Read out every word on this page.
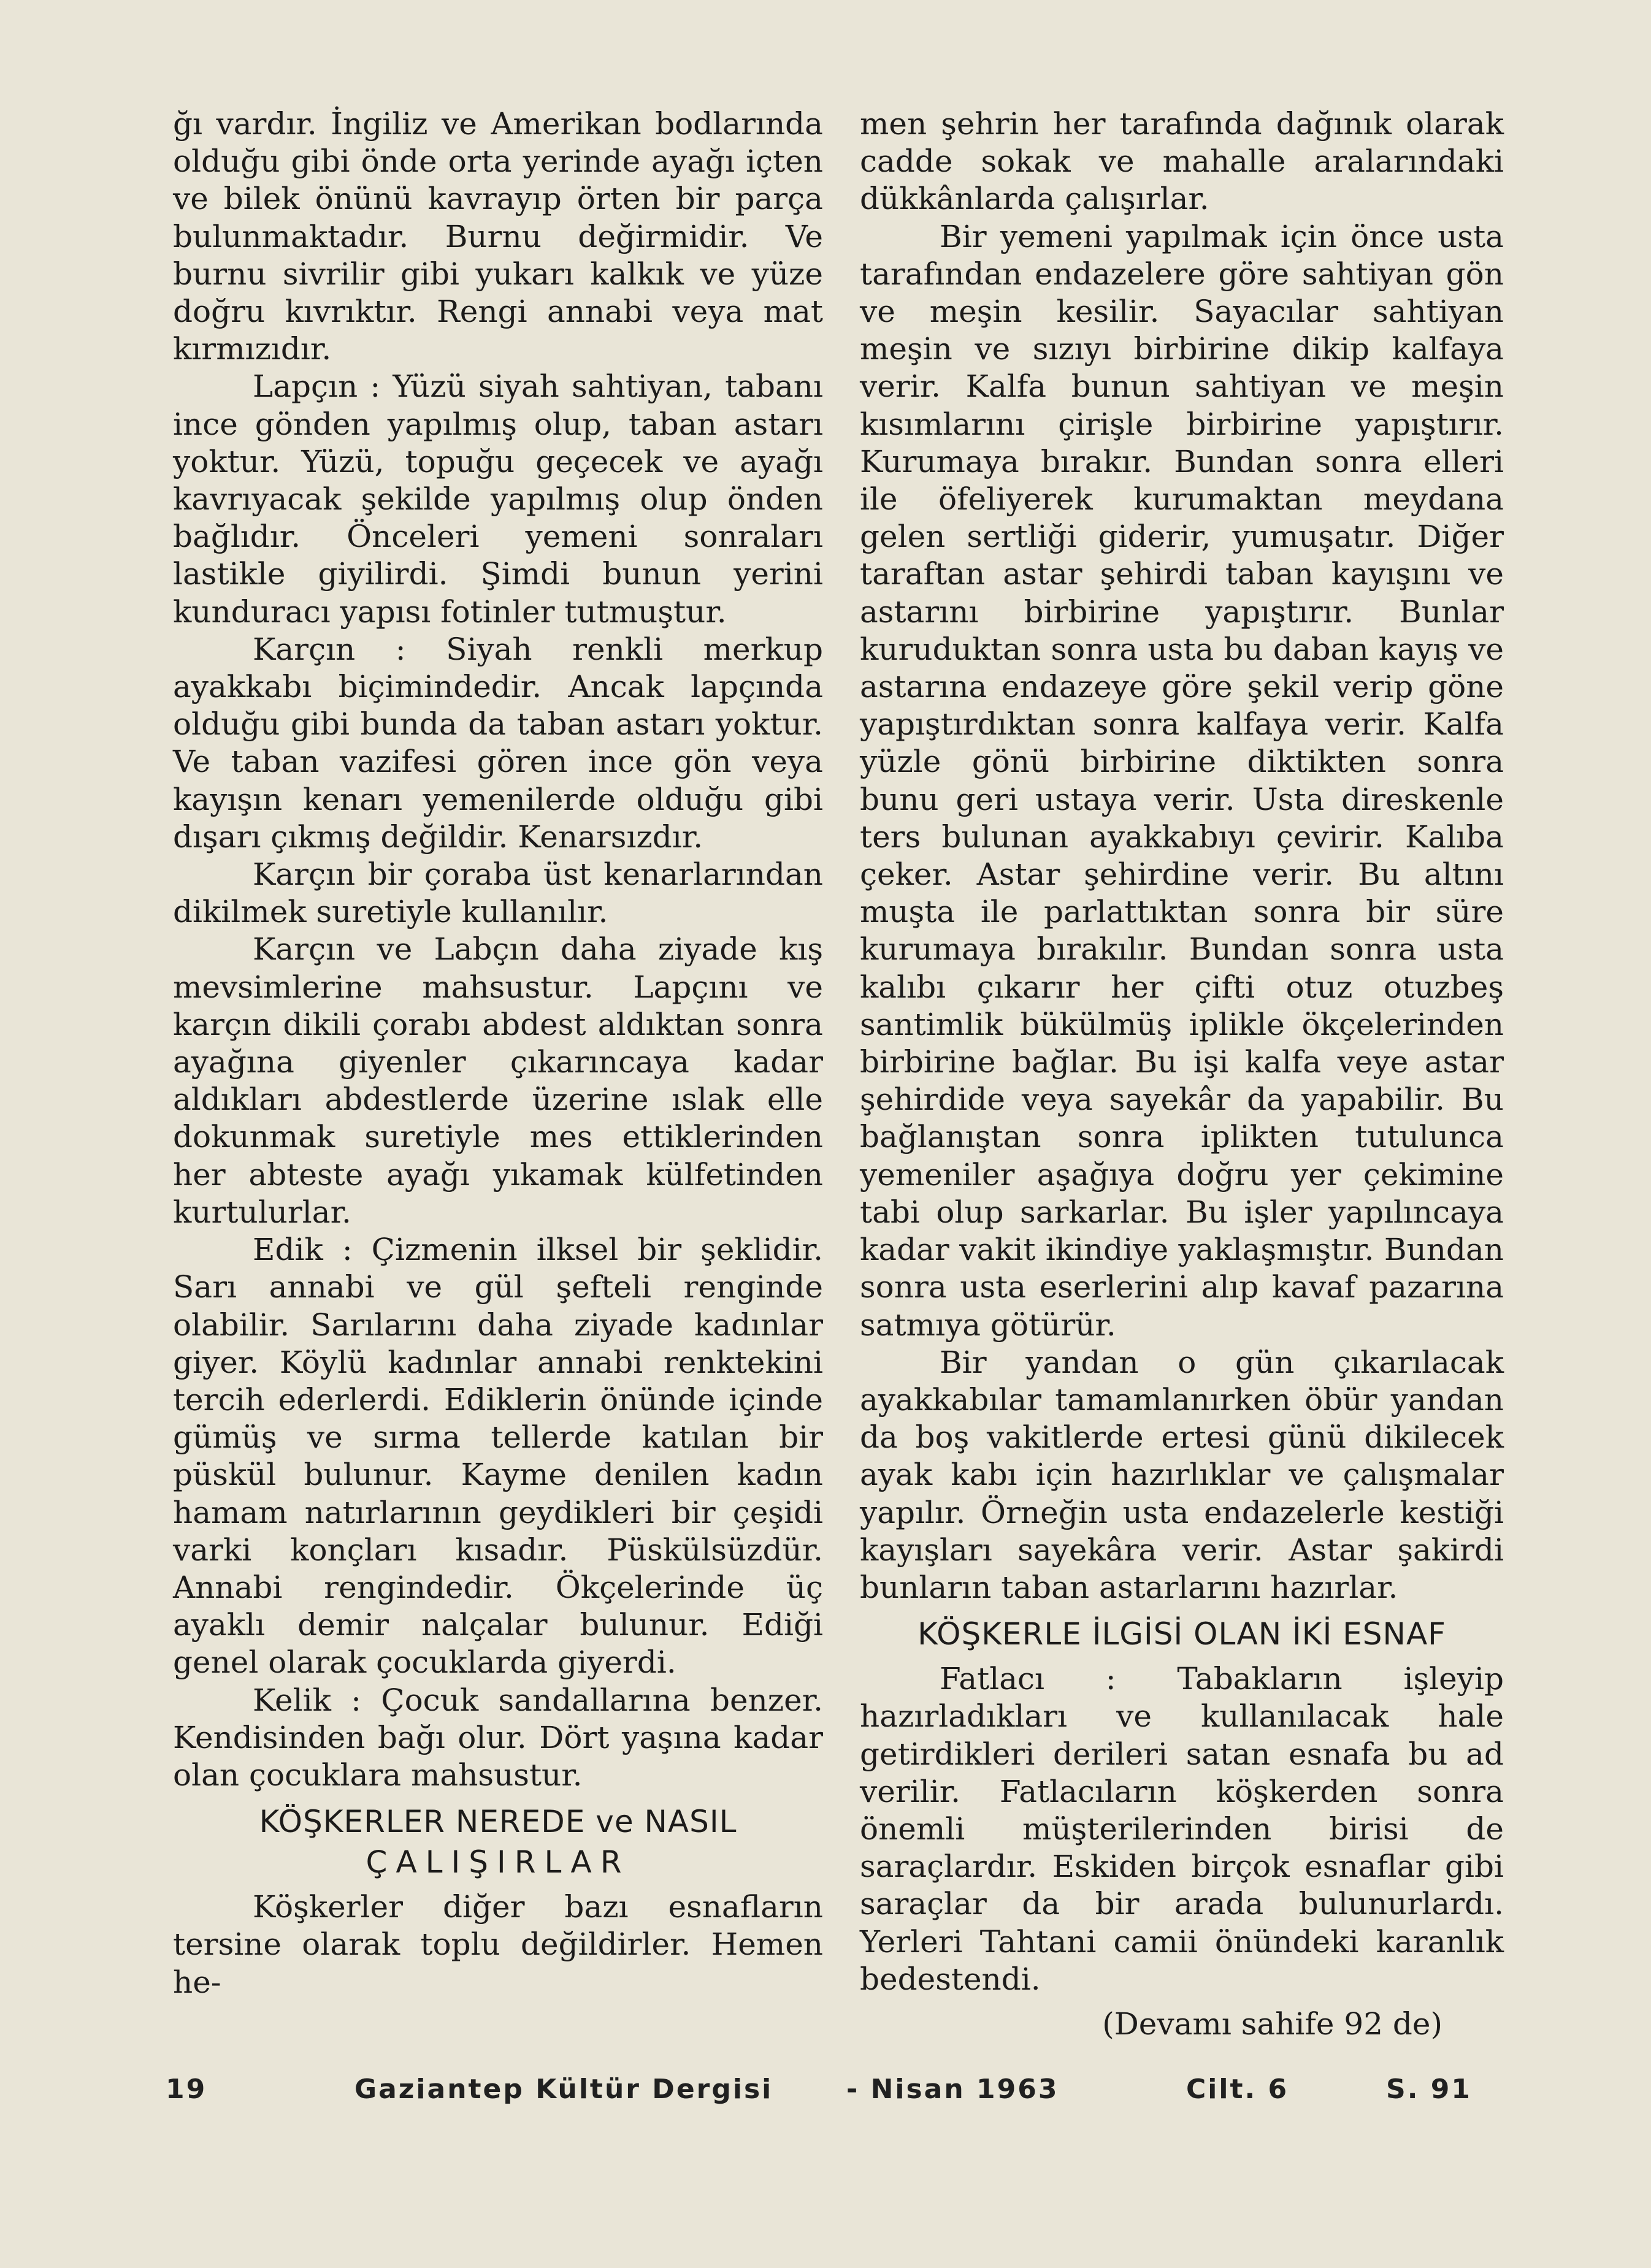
ğı vardır. İngiliz ve Amerikan bodlarında olduğu gibi önde orta yerinde ayağı içten ve bilek önünü kavrayıp örten bir parça bulunmaktadır. Burnu değirmidir. Ve burnu sivrilir gibi yukarı kalkık ve yüze doğru kıvrıktır. Rengi annabi veya mat kırmızıdır.

Lapçın : Yüzü siyah sahtiyan, tabanı ince gönden yapılmış olup, taban astarı yoktur. Yüzü, topuğu geçecek ve ayağı kavrıyacak şekilde yapılmış olup önden bağlıdır. Önceleri yemeni sonraları lastikle giyilirdi. Şimdi bunun yerini kunduracı yapısı fotinler tutmuştur.

Karçın : Siyah renkli merkup ayakkabı biçimindedir. Ancak lapçında olduğu gibi bunda da taban astarı yoktur. Ve taban vazifesi gören ince gön veya kayışın kenarı yemenilerde olduğu gibi dışarı çıkmış değildir. Kenarsızdır.

Karçın bir çoraba üst kenarlarından dikilmek suretiyle kullanılır.

Karçın ve Labçın daha ziyade kış mevsimlerine mahsustur. Lapçını ve karçın dikili çorabı abdest aldıktan sonra ayağına giyenler çıkarıncaya kadar aldıkları abdestlerde üzerine ıslak elle dokunmak suretiyle mes ettiklerinden her abteste ayağı yıkamak külfetinden kurtulurlar.

Edik : Çizmenin ilksel bir şeklidir. Sarı annabi ve gül şefteli renginde olabilir. Sarılarını daha ziyade kadınlar giyer. Köylü kadınlar annabi renktekini tercih ederlerdi. Ediklerin önünde içinde gümüş ve sırma tellerde katılan bir püskül bulunur. Kayme denilen kadın hamam natırlarının geydikleri bir çeşidi varki konçları kısadır. Püskülsüzdür. Annabi rengindedir. Ökçelerinde üç ayaklı demir nalçalar bulunur. Ediği genel olarak çocuklarda giyerdi.

Kelik : Çocuk sandallarına benzer. Kendisinden bağı olur. Dört yaşına kadar olan çocuklara mahsustur.

KÖŞKERLER NEREDE ve NASIL
ÇALIŞIRLAR

Köşkerler diğer bazı esnafların tersine olarak toplu değildirler. Hemen he-

men şehrin her tarafında dağınık olarak cadde sokak ve mahalle aralarındaki dükkânlarda çalışırlar.

Bir yemeni yapılmak için önce usta tarafından endazelere göre sahtiyan gön ve meşin kesilir. Sayacılar sahtiyan meşin ve sızıyı birbirine dikip kalfaya verir. Kalfa bunun sahtiyan ve meşin kısımlarını çirişle birbirine yapıştırır. Kurumaya bırakır. Bundan sonra elleri ile öfeliyerek kurumaktan meydana gelen sertliği giderir, yumuşatır. Diğer taraftan astar şehirdi taban kayışını ve astarını birbirine yapıştırır. Bunlar kuruduktan sonra usta bu daban kayış ve astarına endazeye göre şekil verip göne yapıştırdıktan sonra kalfaya verir. Kalfa yüzle gönü birbirine diktikten sonra bunu geri ustaya verir. Usta direskenle ters bulunan ayakkabıyı çevirir. Kalıba çeker. Astar şehirdine verir. Bu altını muşta ile parlattıktan sonra bir süre kurumaya bırakılır. Bundan sonra usta kalıbı çıkarır her çifti otuz otuzbeş santimlik bükülmüş iplikle ökçelerinden birbirine bağlar. Bu işi kalfa veye astar şehirdide veya sayekâr da yapabilir. Bu bağlanıştan sonra iplikten tutulunca yemeniler aşağıya doğru yer çekimine tabi olup sarkarlar. Bu işler yapılıncaya kadar vakit ikindiye yaklaşmıştır. Bundan sonra usta eserlerini alıp kavaf pazarına satmıya götürür.

Bir yandan o gün çıkarılacak ayakkabılar tamamlanırken öbür yandan da boş vakitlerde ertesi günü dikilecek ayak kabı için hazırlıklar ve çalışmalar yapılır. Örneğin usta endazelerle kestiği kayışları sayekâra verir. Astar şakirdi bunların taban astarlarını hazırlar.

KÖŞKERLE İLGİSİ OLAN İKİ ESNAF

Fatlacı : Tabakların işleyip hazırladıkları ve kullanılacak hale getirdikleri derileri satan esnafa bu ad verilir. Fatlacıların köşkerden sonra önemli müşterilerinden birisi de saraçlardır. Eskiden birçok esnaflar gibi saraçlar da bir arada bulunurlardı. Yerleri Tahtani camii önündeki karanlık bedestendi.

(Devamı sahife 92 de)

19	Gaziantep Kültür Dergisi	- Nisan 1963	Cilt. 6	S. 91
